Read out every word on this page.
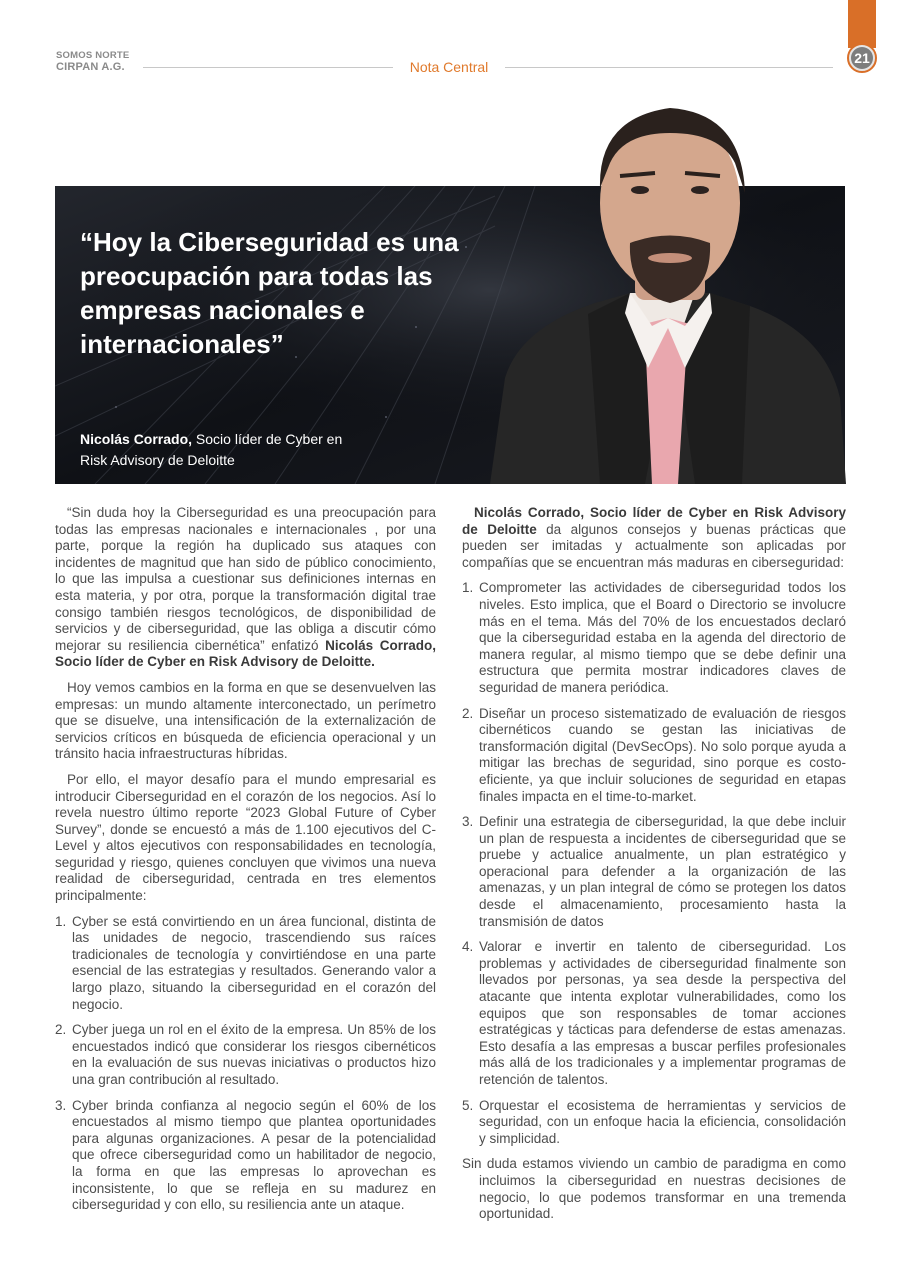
SOMOS NORTE
CIRPAN A.G.	Nota Central
21
“Hoy la Ciberseguridad es una preocupación para todas las empresas nacionales e internacionales”
Nicolás Corrado, Socio líder de Cyber en
Risk Advisory de Deloitte

“Sin duda hoy la Ciberseguridad es una preocupación para todas las empresas nacionales e internacionales , por una parte, porque la región ha duplicado sus ataques con incidentes de magnitud que han sido de público conocimiento, lo que las impulsa a cuestionar sus definiciones internas en esta materia, y por otra, porque la transformación digital trae consigo también riesgos tecnológicos, de disponibilidad de servicios y de ciberseguridad, que las obliga a discutir cómo mejorar su resiliencia cibernética” enfatizó Nicolás Corrado, Socio líder de Cyber en Risk Advisory de Deloitte.

Hoy vemos cambios en la forma en que se desenvuelven las empresas: un mundo altamente interconectado, un perímetro que se disuelve, una intensificación de la externalización de servicios críticos en búsqueda de eficiencia operacional y un tránsito hacia infraestructuras híbridas.

Por ello, el mayor desafío para el mundo empresarial es introducir Ciberseguridad en el corazón de los negocios. Así lo revela nuestro último reporte “2023 Global Future of Cyber Survey”, donde se encuestó a más de 1.100 ejecutivos del C-Level y altos ejecutivos con responsabilidades en tecnología, seguridad y riesgo, quienes concluyen que vivimos una nueva realidad de ciberseguridad, centrada en tres elementos principalmente:

1. Cyber se está convirtiendo en un área funcional, distinta de las unidades de negocio, trascendiendo sus raíces tradicionales de tecnología y convirtiéndose en una parte esencial de las estrategias y resultados. Generando valor a largo plazo, situando la ciberseguridad en el corazón del negocio.
2. Cyber juega un rol en el éxito de la empresa. Un 85% de los encuestados indicó que considerar los riesgos cibernéticos en la evaluación de sus nuevas iniciativas o productos hizo una gran contribución al resultado.
3. Cyber brinda confianza al negocio según el 60% de los encuestados al mismo tiempo que plantea oportunidades para algunas organizaciones. A pesar de la potencialidad que ofrece ciberseguridad como un habilitador de negocio, la forma en que las empresas lo aprovechan es inconsistente, lo que se refleja en su madurez en ciberseguridad y con ello, su resiliencia ante un ataque.

Nicolás Corrado, Socio líder de Cyber en Risk Advisory de Deloitte da algunos consejos y buenas prácticas que pueden ser imitadas y actualmente son aplicadas por compañías que se encuentran más maduras en ciberseguridad:

1. Comprometer las actividades de ciberseguridad todos los niveles. Esto implica, que el Board o Directorio se involucre más en el tema. Más del 70% de los encuestados declaró que la ciberseguridad estaba en la agenda del directorio de manera regular, al mismo tiempo que se debe definir una estructura que permita mostrar indicadores claves de seguridad de manera periódica.
2. Diseñar un proceso sistematizado de evaluación de riesgos cibernéticos cuando se gestan las iniciativas de transformación digital (DevSecOps). No solo porque ayuda a mitigar las brechas de seguridad, sino porque es costo-eficiente, ya que incluir soluciones de seguridad en etapas finales impacta en el time-to-market.
3. Definir una estrategia de ciberseguridad, la que debe incluir un plan de respuesta a incidentes de ciberseguridad que se pruebe y actualice anualmente, un plan estratégico y operacional para defender a la organización de las amenazas, y un plan integral de cómo se protegen los datos desde el almacenamiento, procesamiento hasta la transmisión de datos
4. Valorar e invertir en talento de ciberseguridad. Los problemas y actividades de ciberseguridad finalmente son llevados por personas, ya sea desde la perspectiva del atacante que intenta explotar vulnerabilidades, como los equipos que son responsables de tomar acciones estratégicas y tácticas para defenderse de estas amenazas. Esto desafía a las empresas a buscar perfiles profesionales más allá de los tradicionales y a implementar programas de retención de talentos.
5. Orquestar el ecosistema de herramientas y servicios de seguridad, con un enfoque hacia la eficiencia, consolidación y simplicidad.

Sin duda estamos viviendo un cambio de paradigma en como incluimos la ciberseguridad en nuestras decisiones de negocio, lo que podemos transformar en una tremenda oportunidad.
